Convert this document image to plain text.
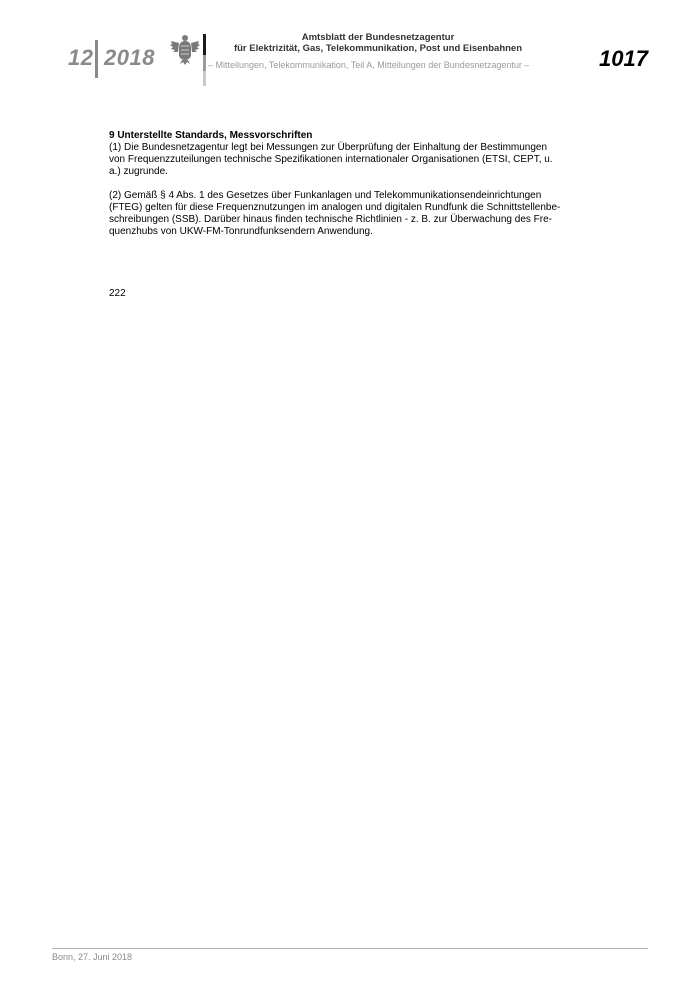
12 2018
Amtsblatt der Bundesnetzagentur
für Elektrizität, Gas, Telekommunikation, Post und Eisenbahnen
– Mitteilungen, Telekommunikation, Teil A, Mitteilungen der Bundesnetzagentur –	1017

9 Unterstellte Standards, Messvorschriften

(1) Die Bundesnetzagentur legt bei Messungen zur Überprüfung der Einhaltung der Bestimmungen

von Frequenzzuteilungen technische Spezifikationen internationaler Organisationen (ETSI, CEPT, u.

a.) zugrunde.

(2) Gemäß § 4 Abs. 1 des Gesetzes über Funkanlagen und Telekommunikationsendeinrichtungen

(FTEG) gelten für diese Frequenznutzungen im analogen und digitalen Rundfunk die Schnittstellenbe-

schreibungen (SSB). Darüber hinaus finden technische Richtlinien - z. B. zur Überwachung des Fre-

quenzhubs von UKW-FM-Tonrundfunksendern Anwendung.

222
Bonn, 27. Juni 2018
